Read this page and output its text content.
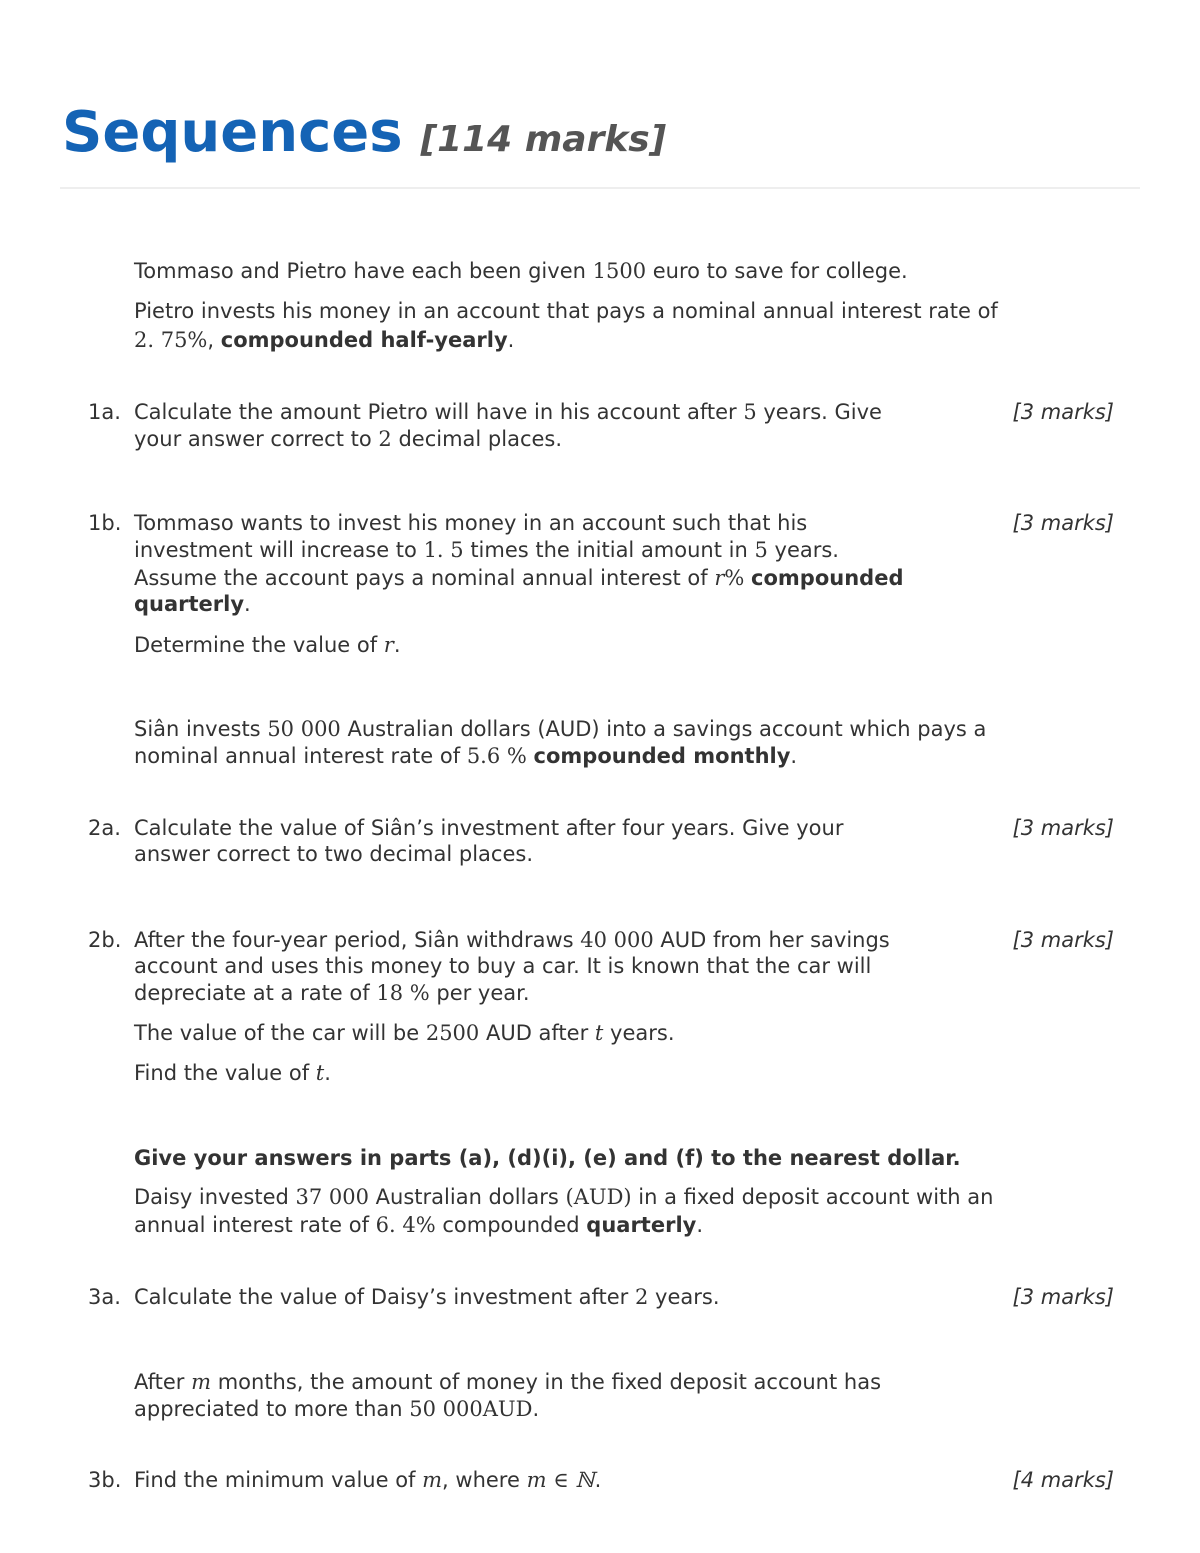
Sequences [114 marks]

Tommaso and Pietro have each been given 1500 euro to save for college.

Pietro invests his money in an account that pays a nominal annual interest rate of

2. 75%, compounded half-yearly.

1a.	[3 marks]

Calculate the amount Pietro will have in his account after 5 years. Give

your answer correct to 2 decimal places.

1b.	[3 marks]

Tommaso wants to invest his money in an account such that his

investment will increase to 1. 5 times the initial amount in 5 years.

Assume the account pays a nominal annual interest of r% compounded

quarterly.

Determine the value of r.

Siân invests 50 000 Australian dollars (AUD) into a savings account which pays a

nominal annual interest rate of 5.6 % compounded monthly.

2a.	[3 marks]

Calculate the value of Siân’s investment after four years. Give your

answer correct to two decimal places.

2b.	[3 marks]

After the four-year period, Siân withdraws 40 000 AUD from her savings

account and uses this money to buy a car. It is known that the car will

depreciate at a rate of 18 % per year.

The value of the car will be 2500 AUD after t years.

Find the value of t.

Give your answers in parts (a), (d)(i), (e) and (f) to the nearest dollar.

Daisy invested 37 000 Australian dollars (AUD) in a fixed deposit account with an

annual interest rate of 6. 4% compounded quarterly.

3a.	[3 marks]

Calculate the value of Daisy’s investment after 2 years.

After m months, the amount of money in the fixed deposit account has

appreciated to more than 50 000AUD.

3b.	[4 marks]

Find the minimum value of m, where m ∈ ℕ.
